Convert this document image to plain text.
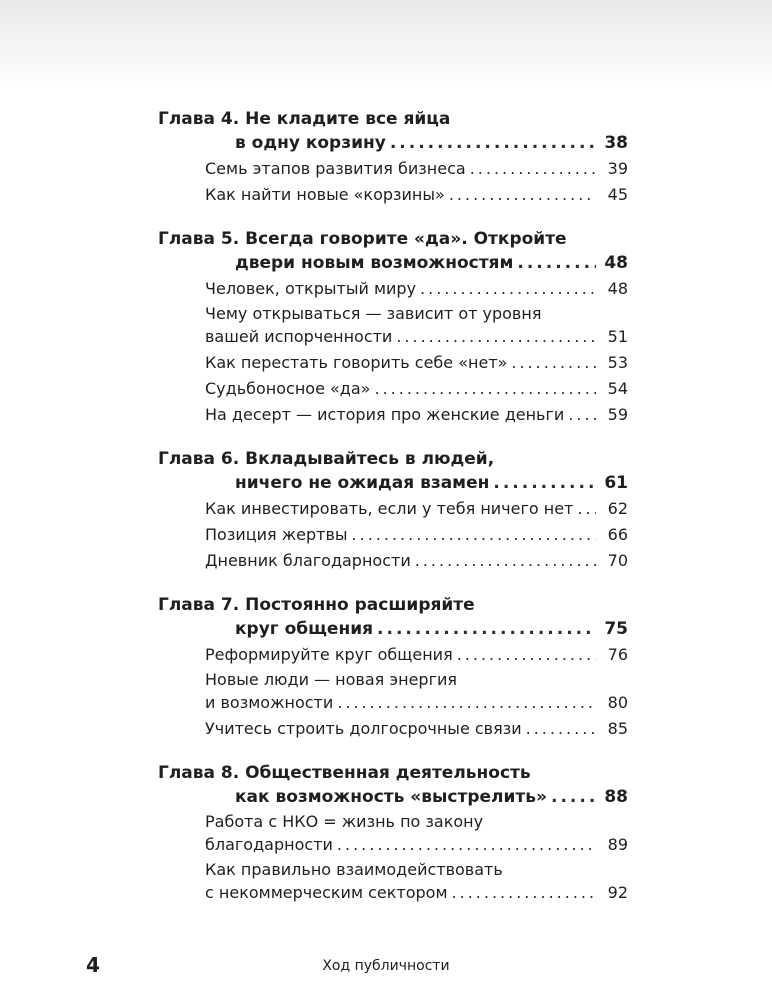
Глава 4. Не кладите все яйца
в одну корзину .....	38
Семь этапов развития бизнеса .....	39
Как найти новые «корзины» .....	45
Глава 5. Всегда говорите «да». Откройте
двери новым возможностям .....	48
Человек, открытый миру .....	48
Чему открываться — зависит от уровня
вашей испорченности .....	51
Как перестать говорить себе «нет» .....	53
Судьбоносное «да» .....	54
На десерт — история про женские деньги .....	59
Глава 6. Вкладывайтесь в людей,
ничего не ожидая взамен .....	61
Как инвестировать, если у тебя ничего нет .....	62
Позиция жертвы .....	66
Дневник благодарности .....	70
Глава 7. Постоянно расширяйте
круг общения .....	75
Реформируйте круг общения .....	76
Новые люди — новая энергия
и возможности .....	80
Учитесь строить долгосрочные связи .....	85
Глава 8. Общественная деятельность
как возможность «выстрелить» .....	88
Работа с НКО = жизнь по закону
благодарности .....	89
Как правильно взаимодействовать
с некоммерческим сектором .....	92
4	Ход публичности
